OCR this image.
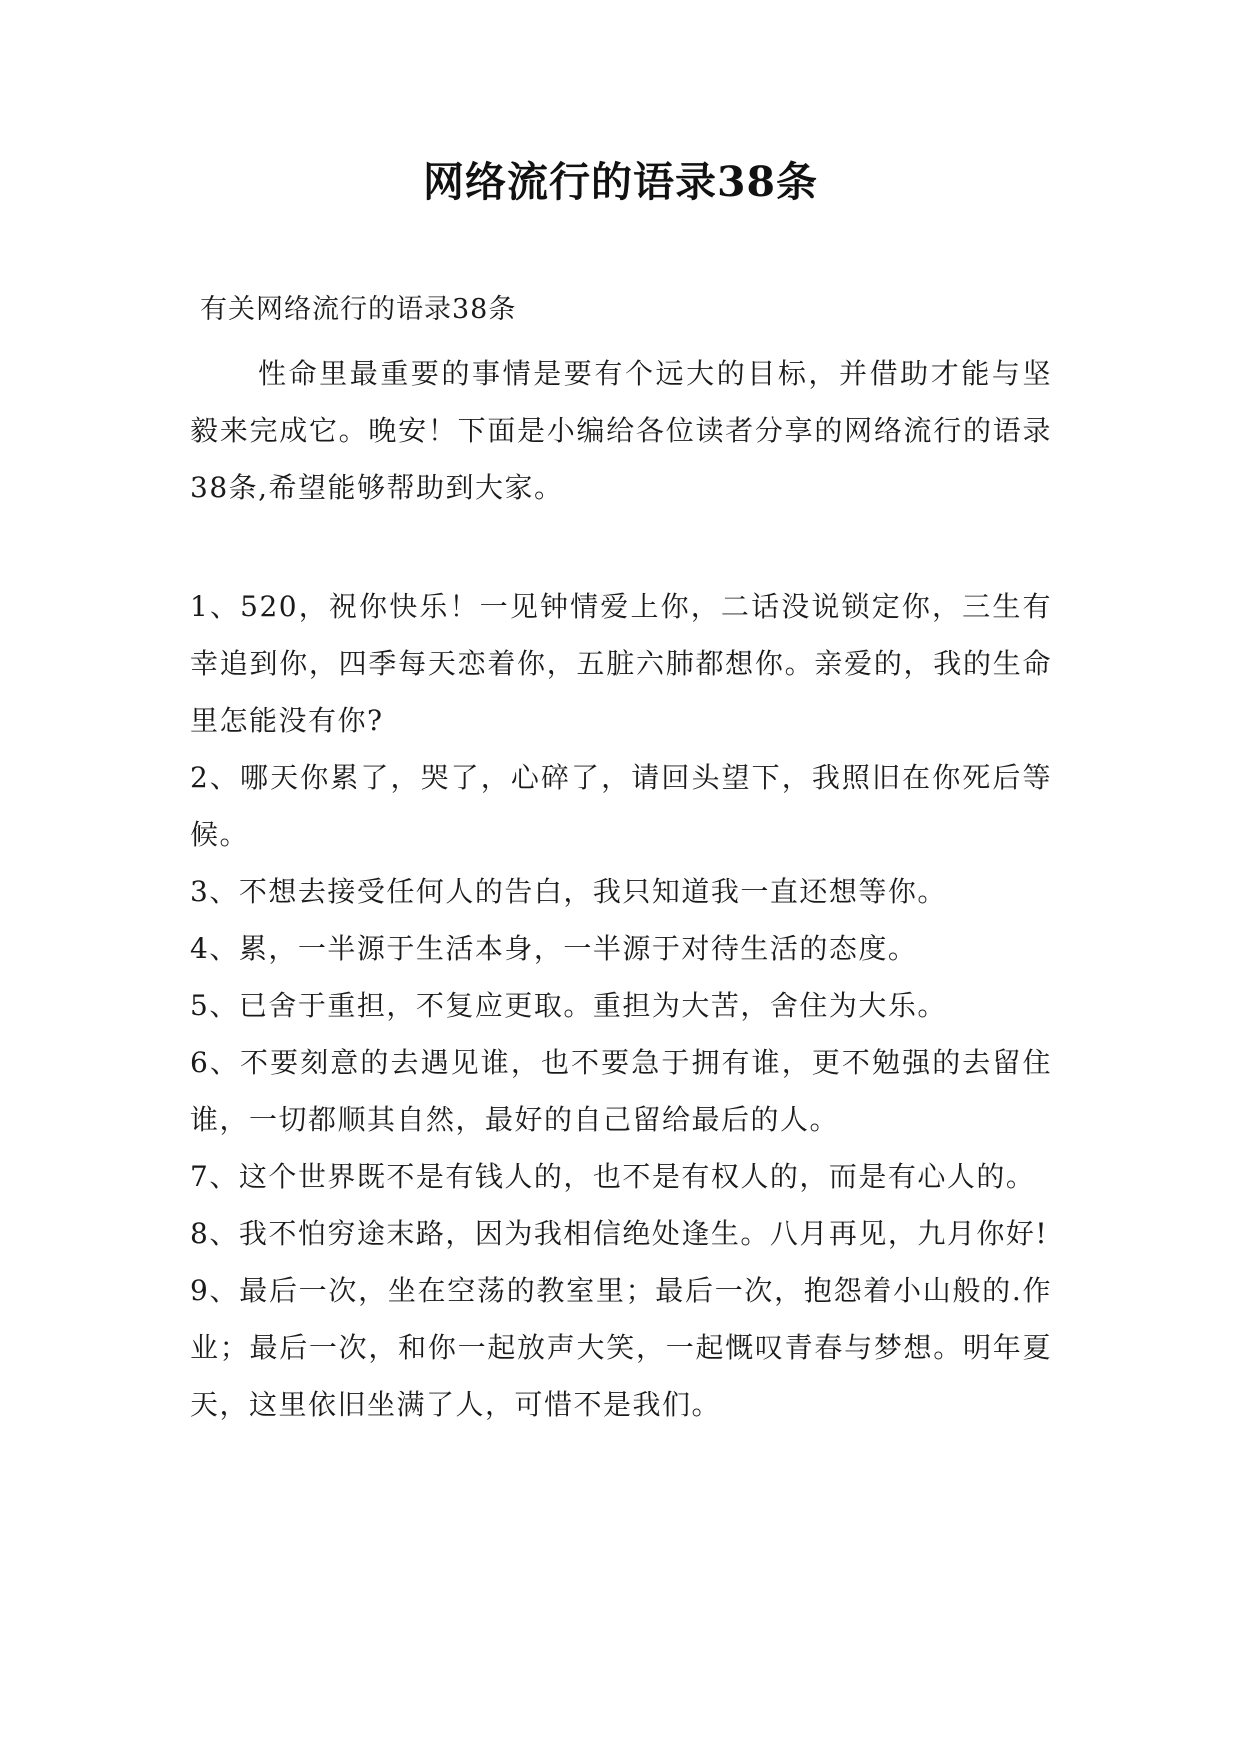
网络流行的语录38条

有关网络流行的语录38条

性命里最重要的事情是要有个远大的目标，并借助才能与坚毅来完成它。晚安！下面是小编给各位读者分享的网络流行的语录38条,希望能够帮助到大家。

1、520，祝你快乐！一见钟情爱上你，二话没说锁定你，三生有幸追到你，四季每天恋着你，五脏六肺都想你。亲爱的，我的生命里怎能没有你?
2、哪天你累了，哭了，心碎了，请回头望下，我照旧在你死后等候。
3、不想去接受任何人的告白，我只知道我一直还想等你。
4、累，一半源于生活本身，一半源于对待生活的态度。
5、已舍于重担，不复应更取。重担为大苦，舍住为大乐。
6、不要刻意的去遇见谁，也不要急于拥有谁，更不勉强的去留住谁，一切都顺其自然，最好的自己留给最后的人。
7、这个世界既不是有钱人的，也不是有权人的，而是有心人的。
8、我不怕穷途末路，因为我相信绝处逢生。八月再见，九月你好!
9、最后一次，坐在空荡的教室里；最后一次，抱怨着小山般的.作业；最后一次，和你一起放声大笑，一起慨叹青春与梦想。明年夏天，这里依旧坐满了人，可惜不是我们。
